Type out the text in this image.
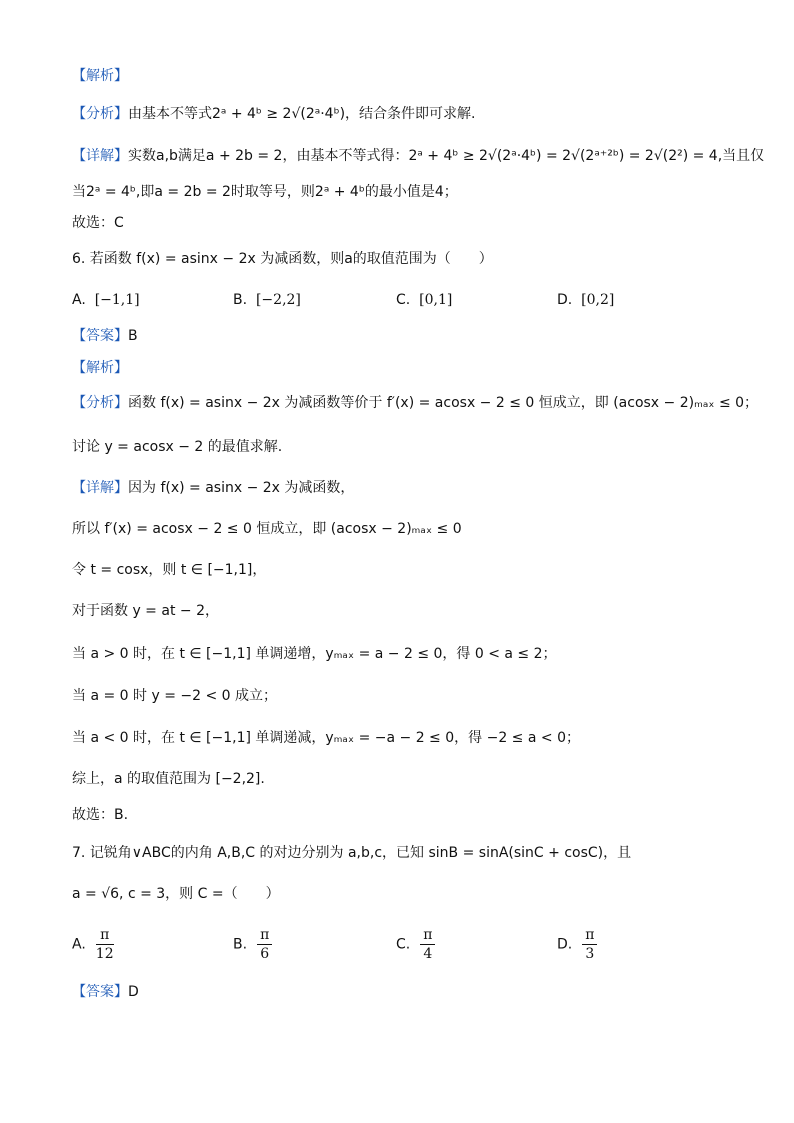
【解析】
【分析】由基本不等式2ᵃ + 4ᵇ ≥ 2√(2ᵃ·4ᵇ)，结合条件即可求解.
【详解】实数a,b满足a + 2b = 2，由基本不等式得：2ᵃ + 4ᵇ ≥ 2√(2ᵃ·4ᵇ) = 2√(2ᵃ⁺²ᵇ) = 2√(2²) = 4,当且仅
当2ᵃ = 4ᵇ,即a = 2b = 2时取等号，则2ᵃ + 4ᵇ的最小值是4；
故选：C
6. 若函数 f(x) = asinx − 2x 为减函数，则a的取值范围为（　　）
A. [−1,1]	B. [−2,2]	C. [0,1]	D. [0,2]
【答案】B
【解析】
【分析】函数 f(x) = asinx − 2x 为减函数等价于 f′(x) = acosx − 2 ≤ 0 恒成立，即 (acosx − 2)ₘₐₓ ≤ 0；
讨论 y = acosx − 2 的最值求解.
【详解】因为 f(x) = asinx − 2x 为减函数，
所以 f′(x) = acosx − 2 ≤ 0 恒成立，即 (acosx − 2)ₘₐₓ ≤ 0
令 t = cosx，则 t ∈ [−1,1]，
对于函数 y = at − 2，
当 a > 0 时，在 t ∈ [−1,1] 单调递增，yₘₐₓ = a − 2 ≤ 0，得 0 < a ≤ 2；
当 a = 0 时 y = −2 < 0 成立；
当 a < 0 时，在 t ∈ [−1,1] 单调递减，yₘₐₓ = −a − 2 ≤ 0，得 −2 ≤ a < 0；
综上，a 的取值范围为 [−2,2].
故选：B.
7. 记锐角∨ABC的内角 A,B,C 的对边分别为 a,b,c，已知 sinB = sinA(sinC + cosC)，且
a = √6, c = 3，则 C =（　　）
A. $\frac{\pi}{12}$	B. $\frac{\pi}{6}$	C. $\frac{\pi}{4}$	D. $\frac{\pi}{3}$
【答案】D
